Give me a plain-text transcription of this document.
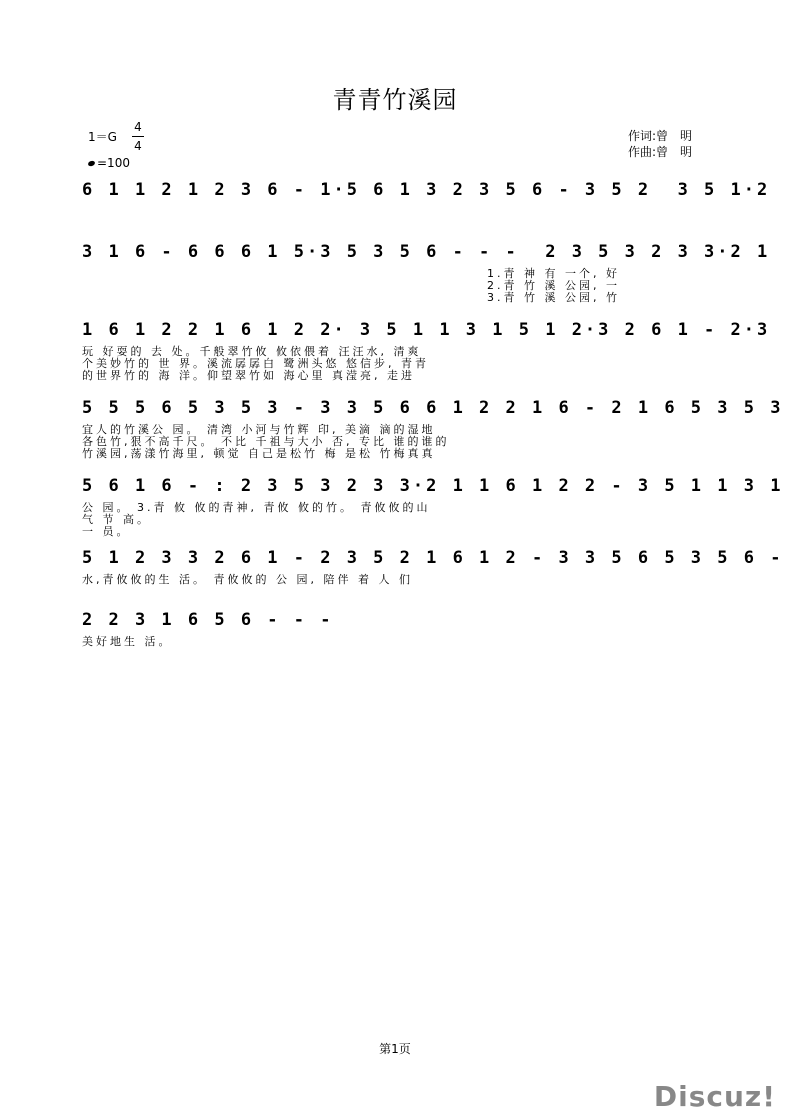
青青竹溪园
1＝G
4
4
=100
作词:曾　明
作曲:曾　明
6 1 1 2 1 2 3 6 - 1·5 6 1 3 2 3 5 6 - 3 5 2  3 5 1·2
3 1 6 - 6 6 6 1 5·3 5 3 5 6 - - -  2 3 5 3 2 3 3·2 1
1.青 神 有 一个, 好
2.青 竹 溪 公园, 一
3.青 竹 溪 公园, 竹
1 6 1 2 2 1 6 1 2 2· 3 5 1 1 3 1 5 1 2·3 2 6 1 - 2·3
玩 好耍的 去 处。千般翠竹攸 攸依偎着 汪汪水, 清爽
个美妙竹的 世 界。溪流孱孱白 鹭洲头悠 悠信步, 青青
的世界竹的 海 洋。仰望翠竹如 海心里 真滢亮, 走进
5 5 5 6 5 3 5 3 - 3 3 5 6 6 1 2 2 1 6 - 2 1 6 5 3 5 3
宜人的竹溪公 园。 清湾 小河与竹辉 印, 美滴 滴的湿地
各色竹,狠不高千尺。 不比 千祖与大小 否, 专比 谁的谁的
竹溪园,荡漾竹海里, 顿觉 自己是松竹 梅 是松 竹梅真真
5 6 1 6 - : 2 3 5 3 2 3 3·2 1 1 6 1 2 2 - 3 5 1 1 3 1
公 园。 3.青 攸 攸的青神, 青攸 攸的竹。 青攸攸的山
气 节 高。
一 员。
5 1 2 3 3 2 6 1 - 2 3 5 2 1 6 1 2 - 3 3 5 6 5 3 5 6 -
水,青攸攸的生 活。 青攸攸的 公 园, 陪伴 着 人 们
2 2 3 1 6 5 6 - - -
美好地生 活。
第1页
Discuz!
